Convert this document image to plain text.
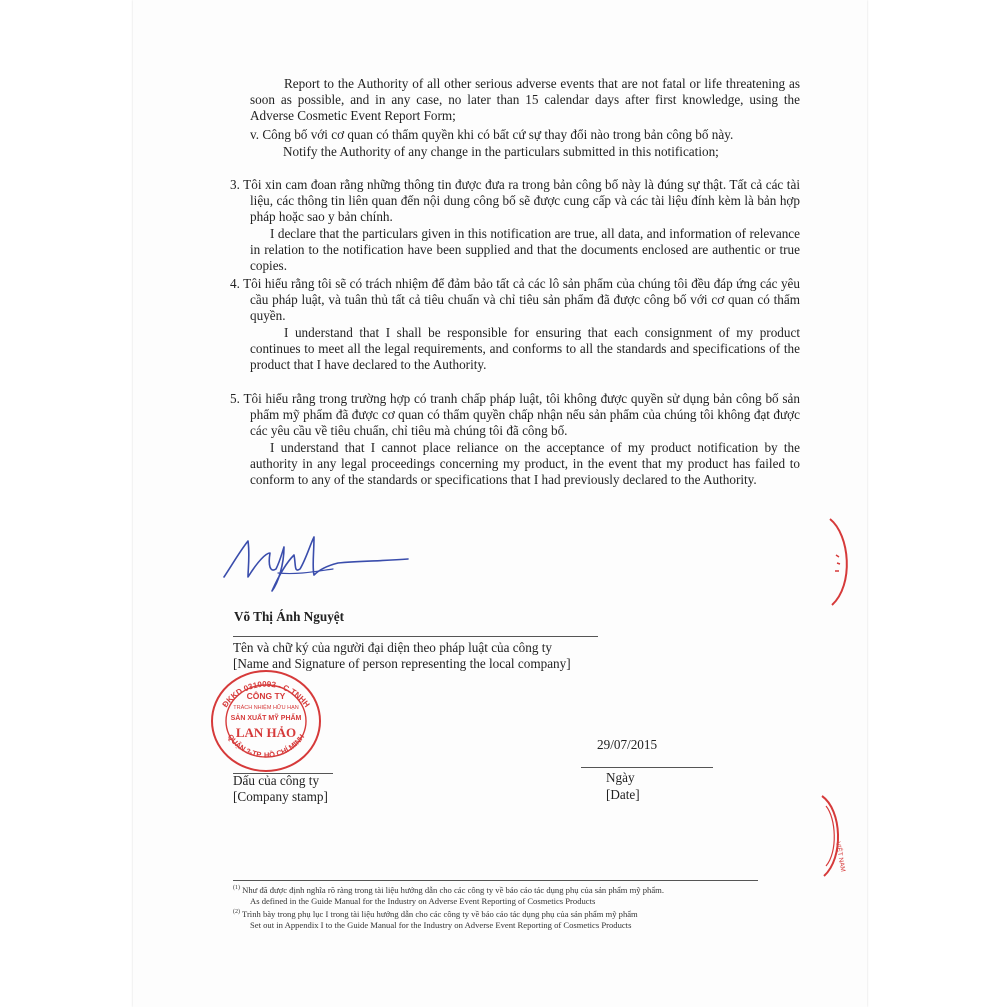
Report to the Authority of all other serious adverse events that are not fatal or life threatening as soon as possible, and in any case, no later than 15 calendar days after first knowledge, using the Adverse Cosmetic Event Report Form;

v. Công bố với cơ quan có thẩm quyền khi có bất cứ sự thay đổi nào trong bản công bố này.

Notify the Authority of any change in the particulars submitted in this notification;

3. Tôi xin cam đoan rằng những thông tin được đưa ra trong bản công bố này là đúng sự thật. Tất cả các tài liệu, các thông tin liên quan đến nội dung công bố sẽ được cung cấp và các tài liệu đính kèm là bản hợp pháp hoặc sao y bản chính.

I declare that the particulars given in this notification are true, all data, and information of relevance in relation to the notification have been supplied and that the documents enclosed are authentic or true copies.

4. Tôi hiểu rằng tôi sẽ có trách nhiệm để đảm bảo tất cả các lô sản phẩm của chúng tôi đều đáp ứng các yêu cầu pháp luật, và tuân thủ tất cả tiêu chuẩn và chỉ tiêu sản phẩm đã được công bố với cơ quan có thẩm quyền.

I understand that I shall be responsible for ensuring that each consignment of my product continues to meet all the legal requirements, and conforms to all the standards and specifications of the product that I have declared to the Authority.

5. Tôi hiểu rằng trong trường hợp có tranh chấp pháp luật, tôi không được quyền sử dụng bản công bố sản phẩm mỹ phẩm đã được cơ quan có thẩm quyền chấp nhận nếu sản phẩm của chúng tôi không đạt được các yêu cầu về tiêu chuẩn, chỉ tiêu mà chúng tôi đã công bố.

I understand that I cannot place reliance on the acceptance of my product notification by the authority in any legal proceedings concerning my product, in the event that my product has failed to conform to any of the standards or specifications that I had previously declared to the Authority.

Võ Thị Ánh Nguyệt
Tên và chữ ký của người đại diện theo pháp luật của công ty
[Name and Signature of person representing the local company]
ĐKKD 0310092 - C.TNHH
QUẬN 3-TP. HỒ CHÍ MINH
CÔNG TY
TRÁCH NHIỆM HỮU HẠN
SẢN XUẤT MỸ PHẨM
LAN HẢO
Dấu của công ty
[Company stamp]
29/07/2015
Ngày
[Date]
$^{(1)}$ Như đã được định nghĩa rõ ràng trong tài liệu hướng dẫn cho các công ty về báo cáo tác dụng phụ của sản phẩm mỹ phẩm.
As defined in the Guide Manual for the Industry on Adverse Event Reporting of Cosmetics Products
$^{(2)}$ Trình bày trong phụ lục I trong tài liệu hướng dẫn cho các công ty về báo cáo tác dụng phụ của sản phẩm mỹ phẩm
Set out in Appendix I to the Guide Manual for the Industry on Adverse Event Reporting of Cosmetics Products
VIỆT NAM
